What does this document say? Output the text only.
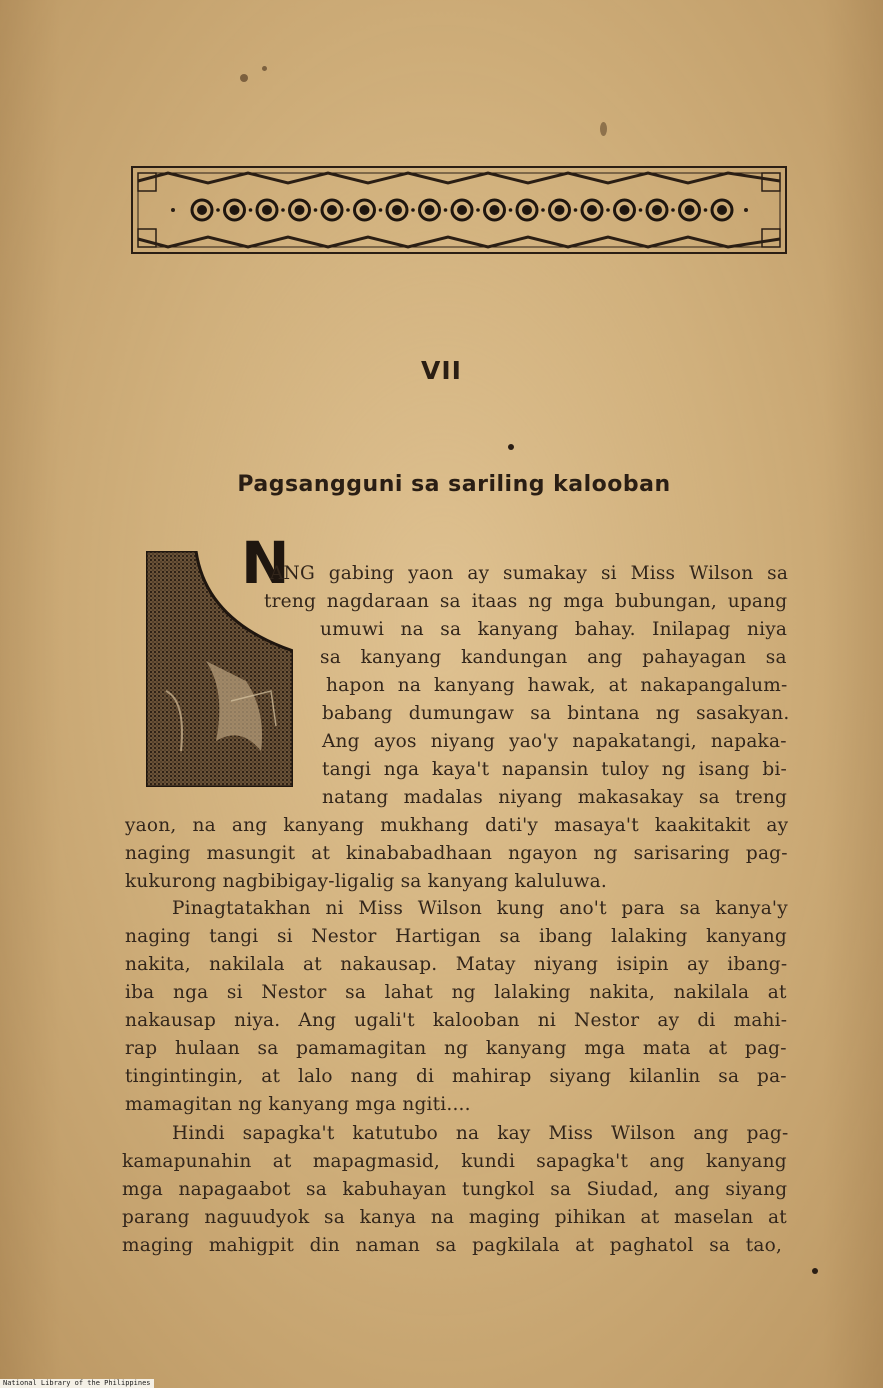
VII
Pagsangguni sa sariling kalooban
N
ANG gabing yaon ay sumakay si Miss Wilson sa
treng nagdaraan sa itaas ng mga bubungan, upang
umuwi na sa kanyang bahay. Inilapag niya
sa kanyang kandungan ang pahayagan sa
hapon na kanyang hawak, at nakapangalum-
babang dumungaw sa bintana ng sasakyan.
Ang ayos niyang yao'y napakatangi, napaka-
tangi nga kaya't napansin tuloy ng isang bi-
natang madalas niyang makasakay sa treng
yaon, na ang kanyang mukhang dati'y masaya't kaakitakit ay
naging masungit at kinababadhaan ngayon ng sarisaring pag-
kukurong nagbibigay-ligalig sa kanyang kaluluwa.
Pinagtatakhan ni Miss Wilson kung ano't para sa kanya'y
naging tangi si Nestor Hartigan sa ibang lalaking kanyang
nakita, nakilala at nakausap. Matay niyang isipin ay ibang-
iba nga si Nestor sa lahat ng lalaking nakita, nakilala at
nakausap niya. Ang ugali't kalooban ni Nestor ay di mahi-
rap hulaan sa pamamagitan ng kanyang mga mata at pag-
tingintingin, at lalo nang di mahirap siyang kilanlin sa pa-
mamagitan ng kanyang mga ngiti....
Hindi sapagka't katutubo na kay Miss Wilson ang pag-
kamapunahin at mapagmasid, kundi sapagka't ang kanyang
mga napagaabot sa kabuhayan tungkol sa Siudad, ang siyang
parang naguudyok sa kanya na maging pihikan at maselan at
maging mahigpit din naman sa pagkilala at paghatol sa tao,
National Library of the Philippines
